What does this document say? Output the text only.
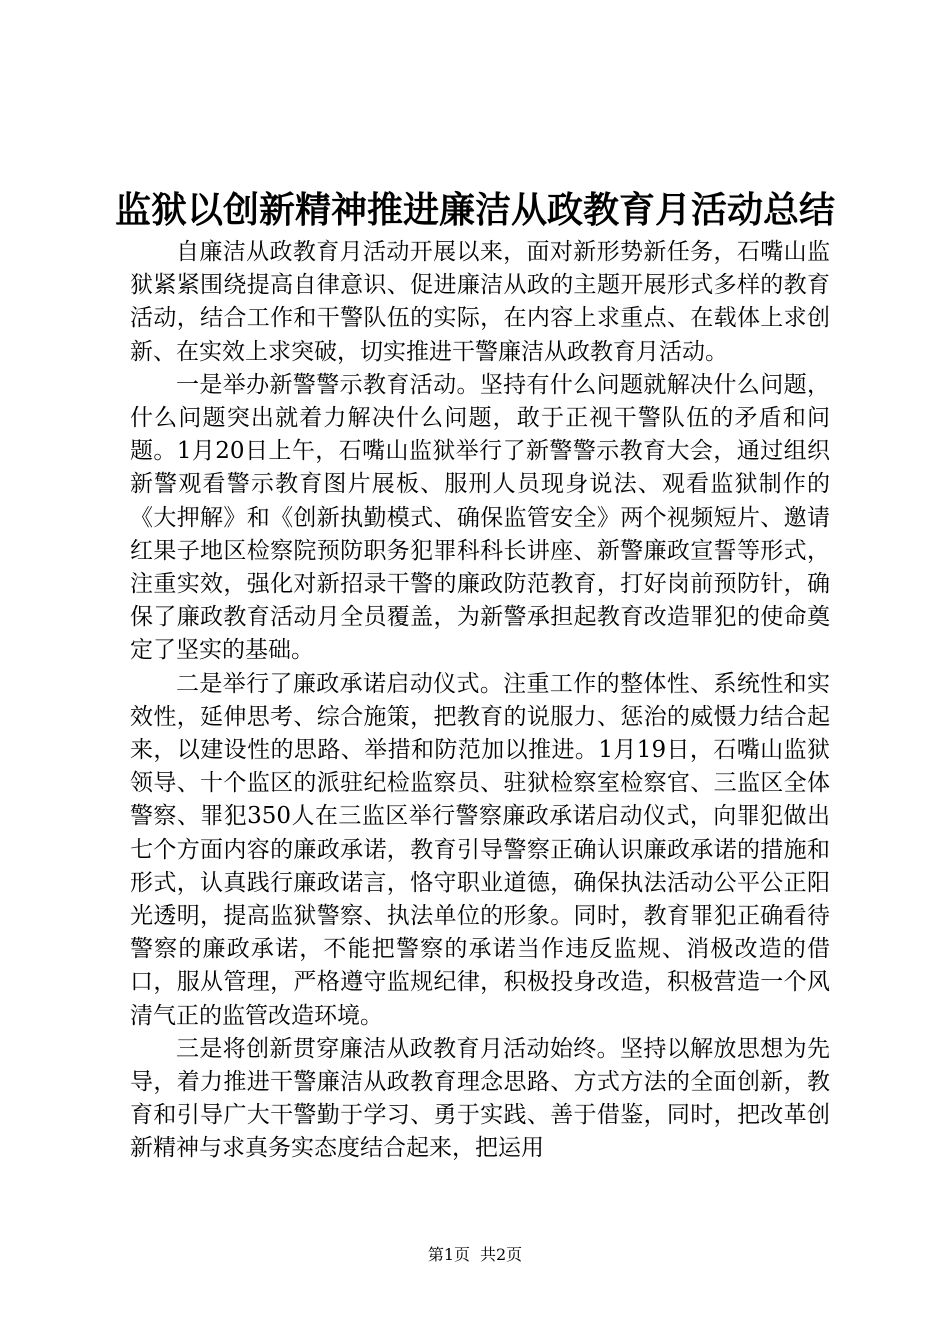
监狱以创新精神推进廉洁从政教育月活动总结

自廉洁从政教育月活动开展以来，面对新形势新任务，石嘴山监狱紧紧围绕提高自律意识、促进廉洁从政的主题开展形式多样的教育活动，结合工作和干警队伍的实际，在内容上求重点、在载体上求创新、在实效上求突破，切实推进干警廉洁从政教育月活动。

一是举办新警警示教育活动。坚持有什么问题就解决什么问题，什么问题突出就着力解决什么问题，敢于正视干警队伍的矛盾和问题。1月20日上午，石嘴山监狱举行了新警警示教育大会，通过组织新警观看警示教育图片展板、服刑人员现身说法、观看监狱制作的《大押解》和《创新执勤模式、确保监管安全》两个视频短片、邀请红果子地区检察院预防职务犯罪科科长讲座、新警廉政宣誓等形式，注重实效，强化对新招录干警的廉政防范教育，打好岗前预防针，确保了廉政教育活动月全员覆盖，为新警承担起教育改造罪犯的使命奠定了坚实的基础。

二是举行了廉政承诺启动仪式。注重工作的整体性、系统性和实效性，延伸思考、综合施策，把教育的说服力、惩治的威慑力结合起来，以建设性的思路、举措和防范加以推进。1月19日，石嘴山监狱领导、十个监区的派驻纪检监察员、驻狱检察室检察官、三监区全体警察、罪犯350人在三监区举行警察廉政承诺启动仪式，向罪犯做出七个方面内容的廉政承诺，教育引导警察正确认识廉政承诺的措施和形式，认真践行廉政诺言，恪守职业道德，确保执法活动公平公正阳光透明，提高监狱警察、执法单位的形象。同时，教育罪犯正确看待警察的廉政承诺，不能把警察的承诺当作违反监规、消极改造的借口，服从管理，严格遵守监规纪律，积极投身改造，积极营造一个风清气正的监管改造环境。

三是将创新贯穿廉洁从政教育月活动始终。坚持以解放思想为先导，着力推进干警廉洁从政教育理念思路、方式方法的全面创新，教育和引导广大干警勤于学习、勇于实践、善于借鉴，同时，把改革创新精神与求真务实态度结合起来，把运用

第1页 共2页
